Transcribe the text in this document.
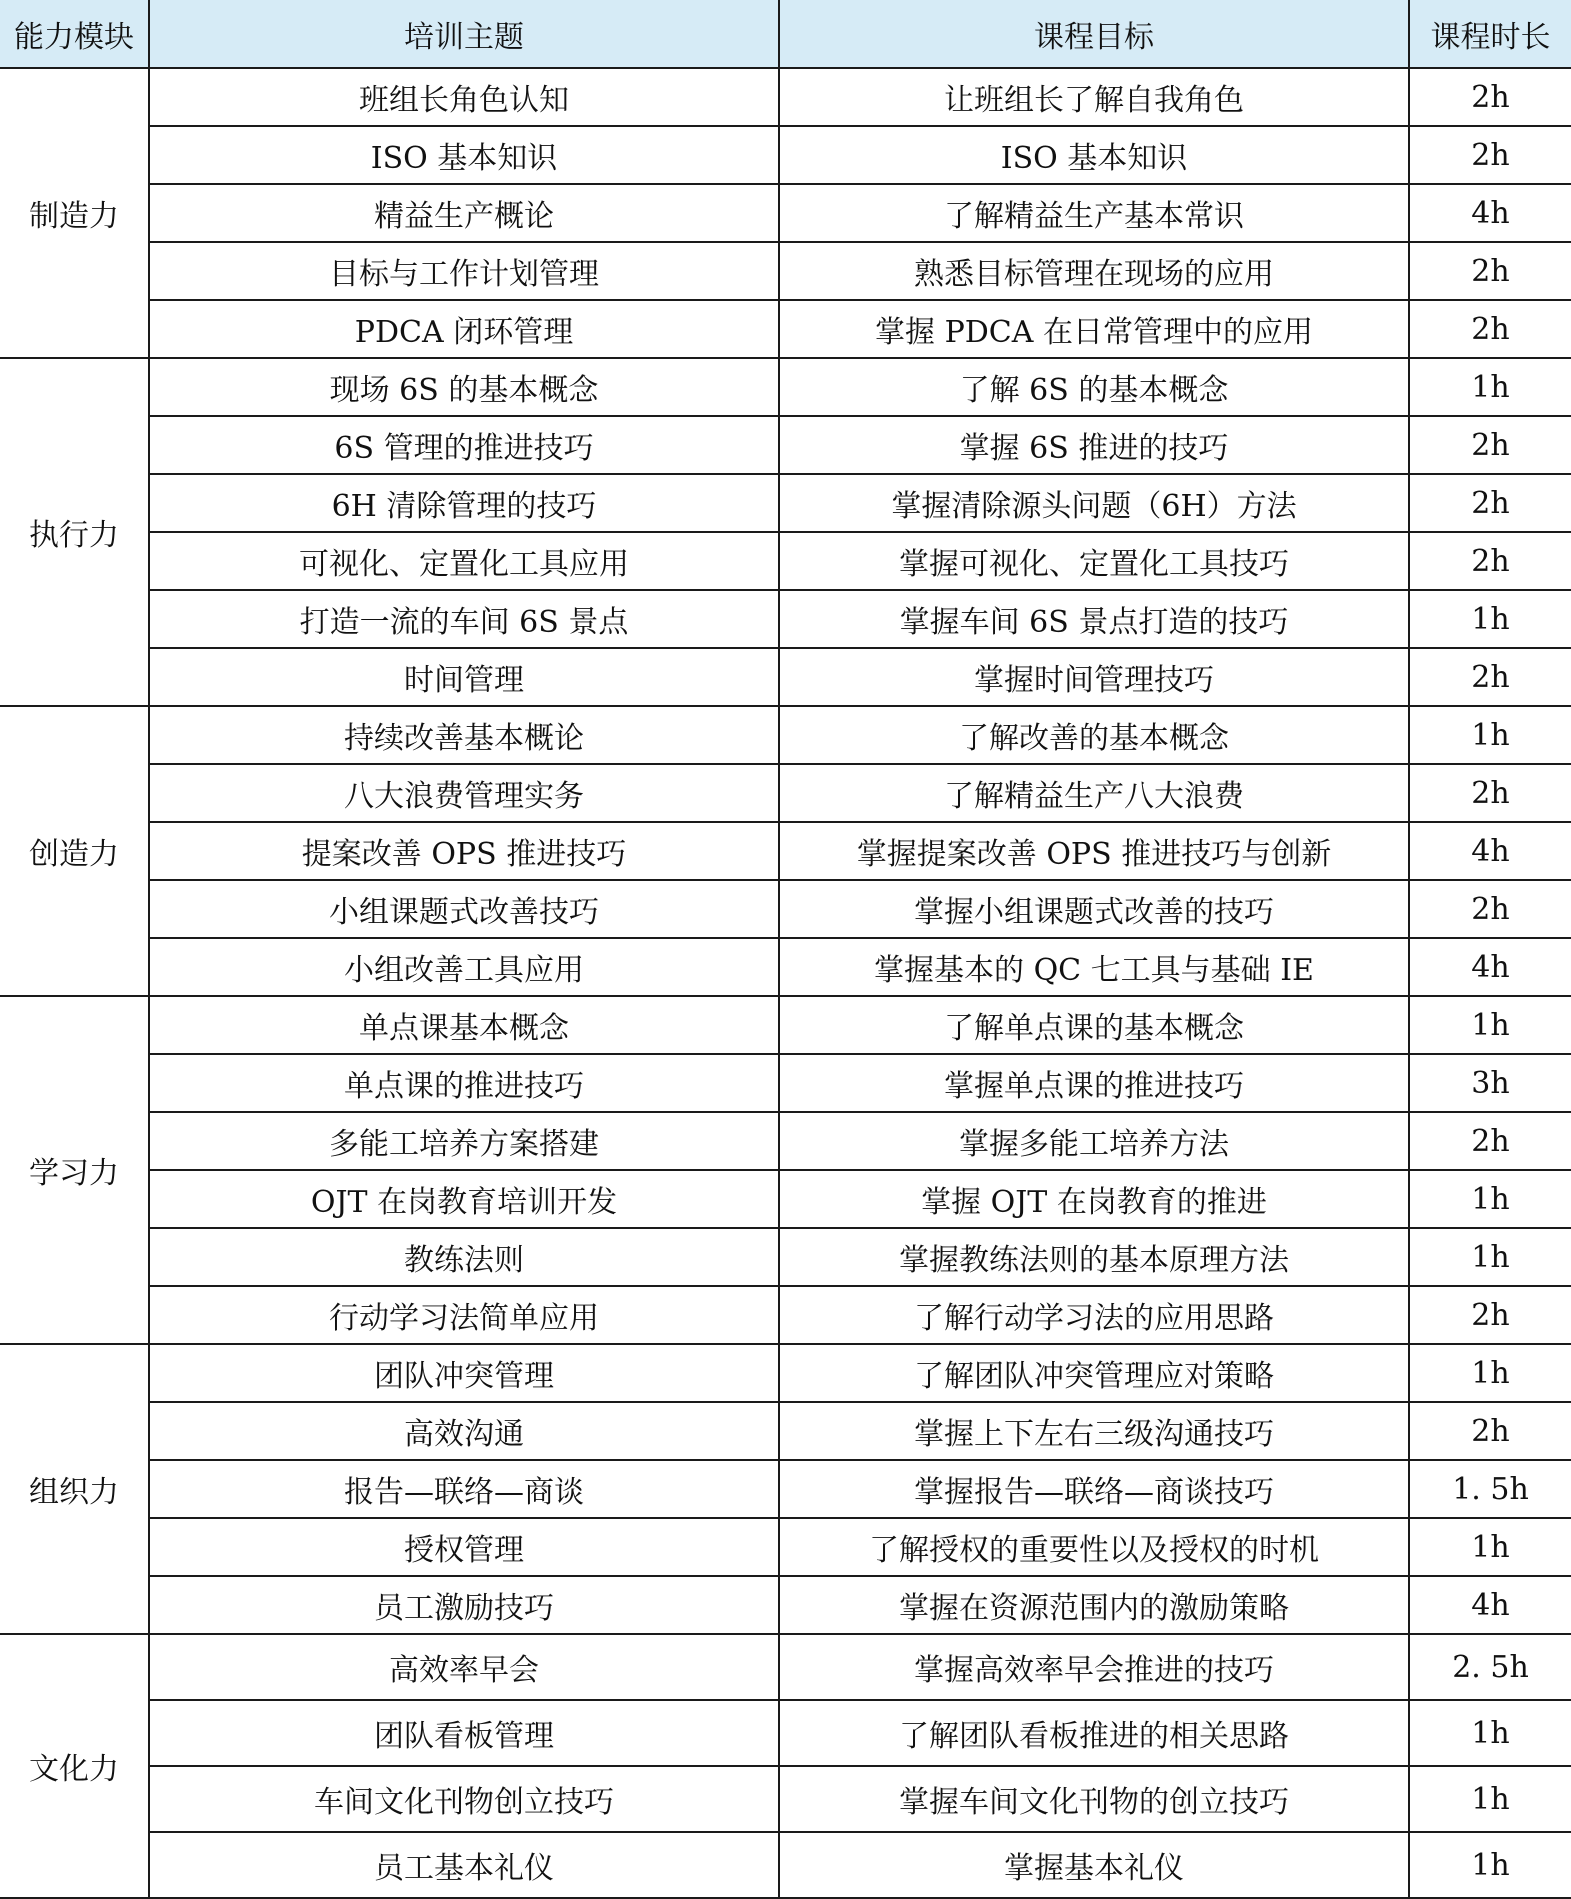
能力模块	培训主题	课程目标	课程时长
制造力	班组长角色认知	让班组长了解自我角色	2h
	ISO 基本知识	ISO 基本知识	2h
	精益生产概论	了解精益生产基本常识	4h
	目标与工作计划管理	熟悉目标管理在现场的应用	2h
	PDCA 闭环管理	掌握 PDCA 在日常管理中的应用	2h
执行力	现场 6S 的基本概念	了解 6S 的基本概念	1h
	6S 管理的推进技巧	掌握 6S 推进的技巧	2h
	6H 清除管理的技巧	掌握清除源头问题（6H）方法	2h
	可视化、定置化工具应用	掌握可视化、定置化工具技巧	2h
	打造一流的车间 6S 景点	掌握车间 6S 景点打造的技巧	1h
	时间管理	掌握时间管理技巧	2h
创造力	持续改善基本概论	了解改善的基本概念	1h
	八大浪费管理实务	了解精益生产八大浪费	2h
	提案改善 OPS 推进技巧	掌握提案改善 OPS 推进技巧与创新	4h
	小组课题式改善技巧	掌握小组课题式改善的技巧	2h
	小组改善工具应用	掌握基本的 QC 七工具与基础 IE	4h
学习力	单点课基本概念	了解单点课的基本概念	1h
	单点课的推进技巧	掌握单点课的推进技巧	3h
	多能工培养方案搭建	掌握多能工培养方法	2h
	OJT 在岗教育培训开发	掌握 OJT 在岗教育的推进	1h
	教练法则	掌握教练法则的基本原理方法	1h
	行动学习法简单应用	了解行动学习法的应用思路	2h
组织力	团队冲突管理	了解团队冲突管理应对策略	1h
	高效沟通	掌握上下左右三级沟通技巧	2h
	报告—联络—商谈	掌握报告—联络—商谈技巧	1. 5h
	授权管理	了解授权的重要性以及授权的时机	1h
	员工激励技巧	掌握在资源范围内的激励策略	4h
文化力	高效率早会	掌握高效率早会推进的技巧	2. 5h
	团队看板管理	了解团队看板推进的相关思路	1h
	车间文化刊物创立技巧	掌握车间文化刊物的创立技巧	1h
	员工基本礼仪	掌握基本礼仪	1h
